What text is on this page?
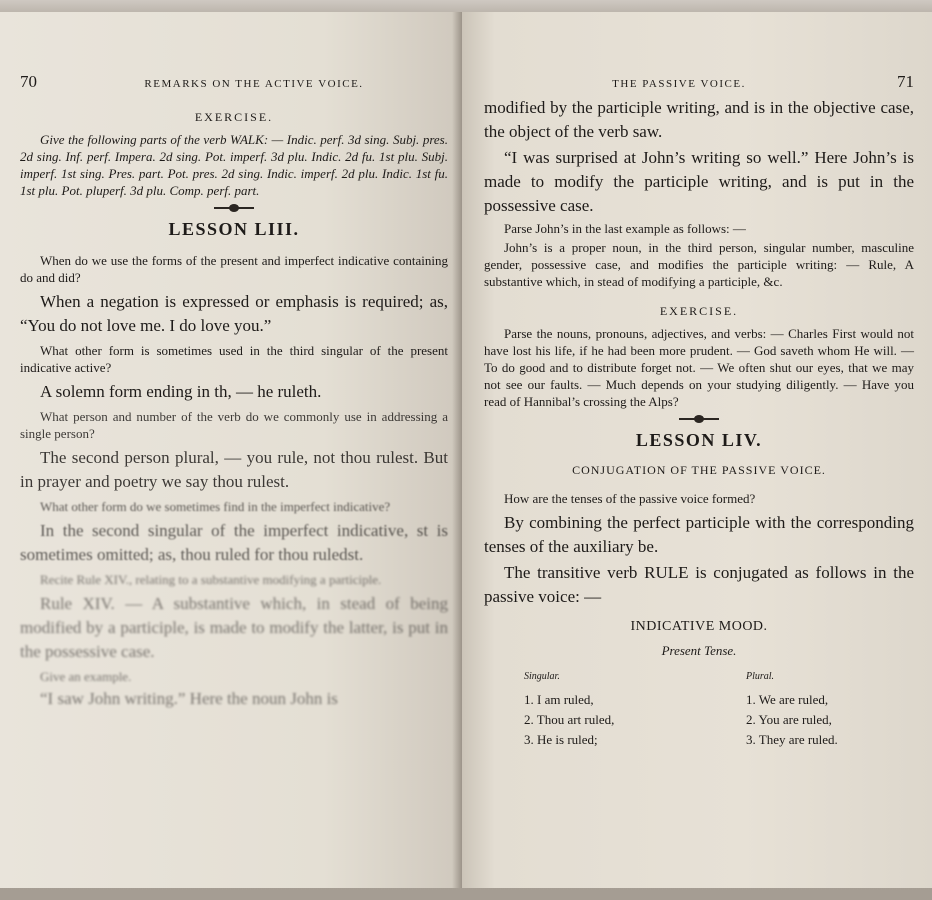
70	REMARKS ON THE ACTIVE VOICE.
EXERCISE.

Give the following parts of the verb WALK: — Indic. perf. 3d sing. Subj. pres. 2d sing. Inf. perf. Impera. 2d sing. Pot. imperf. 3d plu. Indic. 2d fu. 1st plu. Subj. imperf. 1st sing. Pres. part. Pot. pres. 2d sing. Indic. imperf. 2d plu. Indic. 1st fu. 1st plu. Pot. pluperf. 3d plu. Comp. perf. part.

LESSON LIII.

When do we use the forms of the present and imperfect indicative containing do and did?

When a negation is expressed or emphasis is required; as, “You do not love me. I do love you.”

What other form is sometimes used in the third singular of the present indicative active?

A solemn form ending in th, — he ruleth.

What person and number of the verb do we commonly use in addressing a single person?

The second person plural, — you rule, not thou rulest. But in prayer and poetry we say thou rulest.

What other form do we sometimes find in the imperfect indicative?

In the second singular of the imperfect indicative, st is sometimes omitted; as, thou ruled for thou ruledst.

Recite Rule XIV., relating to a substantive modifying a participle.

Rule XIV. — A substantive which, in stead of being modified by a participle, is made to modify the latter, is put in the possessive case.

Give an example.

“I saw John writing.” Here the noun John is

THE PASSIVE VOICE.	71

modified by the participle writing, and is in the objective case, the object of the verb saw.

“I was surprised at John’s writing so well.” Here John’s is made to modify the participle writing, and is put in the possessive case.

Parse John’s in the last example as follows: —

John’s is a proper noun, in the third person, singular number, masculine gender, possessive case, and modifies the participle writing: — Rule, A substantive which, in stead of modifying a participle, &c.

EXERCISE.

Parse the nouns, pronouns, adjectives, and verbs: — Charles First would not have lost his life, if he had been more prudent. — God saveth whom He will. — To do good and to distribute forget not. — We often shut our eyes, that we may not see our faults. — Much depends on your studying diligently. — Have you read of Hannibal’s crossing the Alps?

LESSON LIV.
CONJUGATION OF THE PASSIVE VOICE.

How are the tenses of the passive voice formed?

By combining the perfect participle with the corresponding tenses of the auxiliary be.

The transitive verb RULE is conjugated as follows in the passive voice: —

INDICATIVE MOOD.
Present Tense.
Singular.
1. I am ruled,
2. Thou art ruled,
3. He is ruled;
Plural.
1. We are ruled,
2. You are ruled,
3. They are ruled.
